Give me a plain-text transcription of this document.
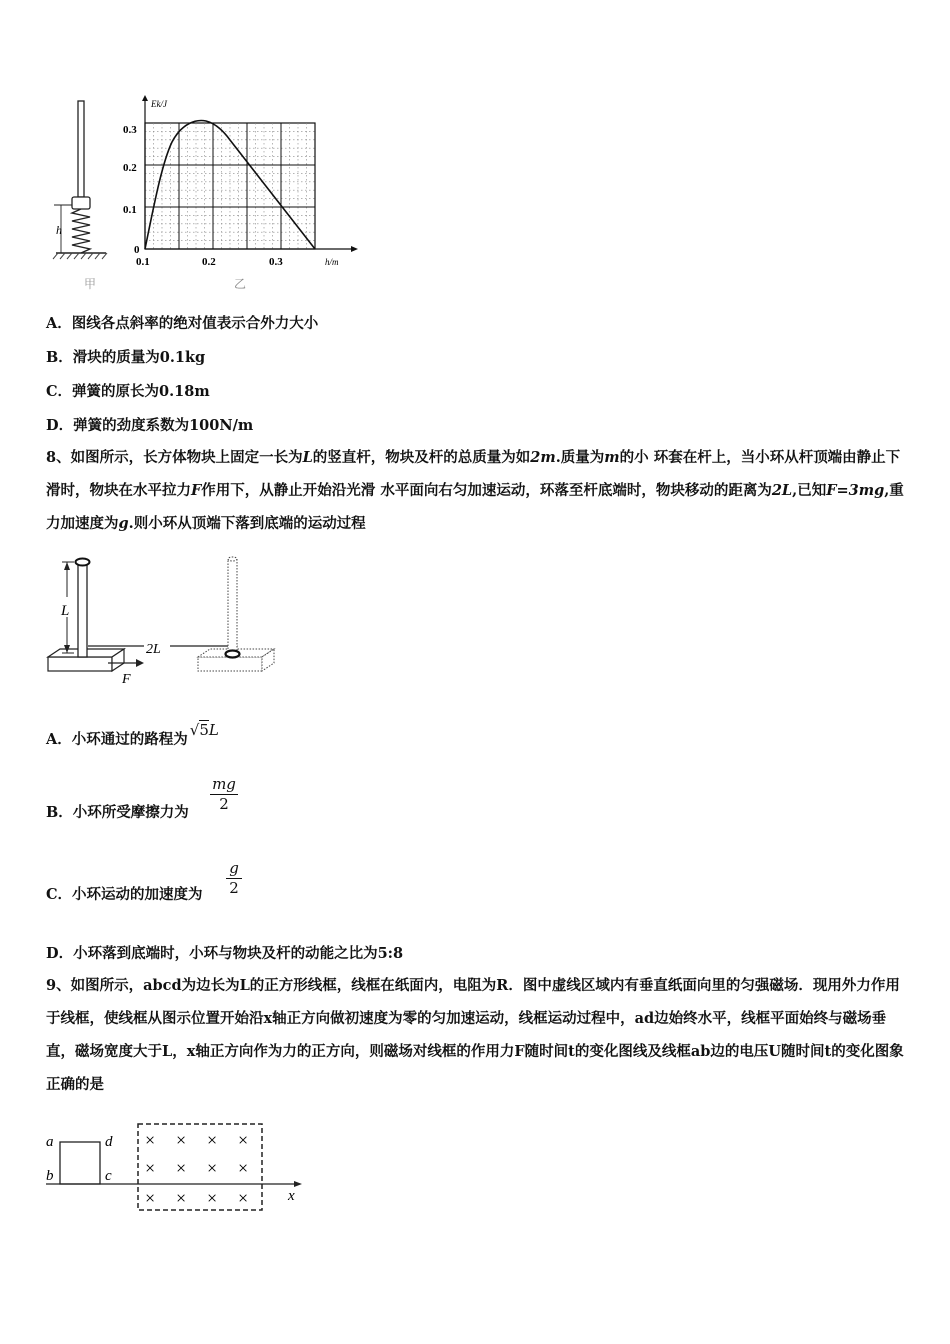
h
甲
Ek/J
h/m
0.3
0.2
0.1
0
0.1	0.2	0.3
乙
A．图线各点斜率的绝对值表示合外力大小
B．滑块的质量为0.1kg
C．弹簧的原长为0.18m
D．弹簧的劲度系数为100N/m
8、如图所示，长方体物块上固定一长为L的竖直杆，物块及杆的总质量为如2m.质量为m的小 环套在杆上，当小环从杆顶端由静止下滑时，物块在水平拉力F作用下，从静止开始沿光滑 水平面向右匀加速运动，环落至杆底端时，物块移动的距离为2L,已知F=3mg,重力加速度为g.则小环从顶端下落到底端的运动过程
L
2L
F
A．小环通过的路程为√5L
B．小环所受摩擦力为
mg
2
C．小环运动的加速度为
g
2
D．小环落到底端时，小环与物块及杆的动能之比为5:8
9、如图所示，abcd为边长为L的正方形线框，线框在纸面内，电阻为R．图中虚线区域内有垂直纸面向里的匀强磁场．现用外力作用于线框，使线框从图示位置开始沿x轴正方向做初速度为零的匀加速运动，线框运动过程中，ad边始终水平，线框平面始终与磁场垂直，磁场宽度大于L，x轴正方向作为力的正方向，则磁场对线框的作用力F随时间t的变化图线及线框ab边的电压U随时间t的变化图象正确的是
a
b
d
c
x
× × × ×
× × × ×
× × × ×
